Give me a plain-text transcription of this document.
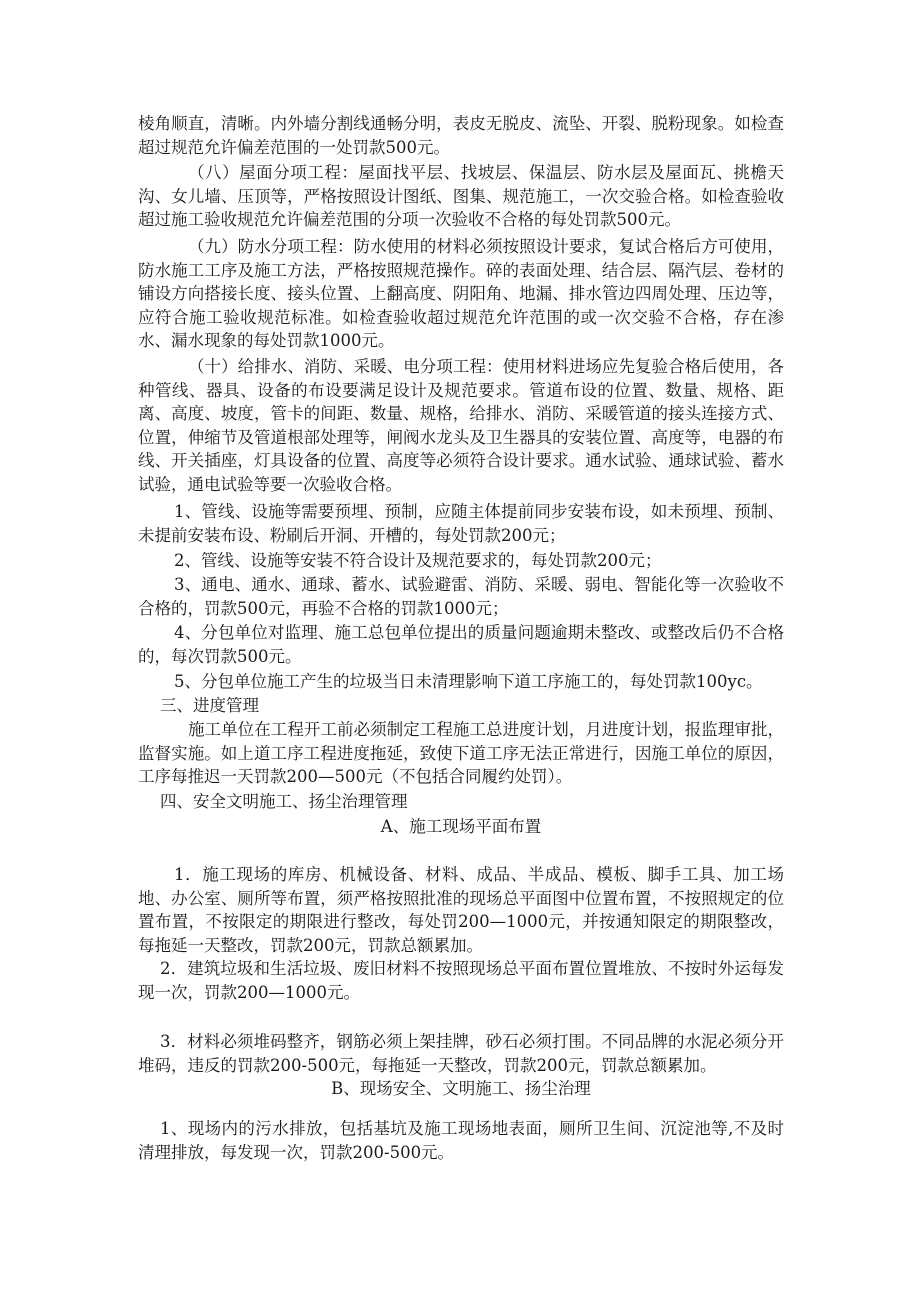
棱角顺直，清晰。内外墙分割线通畅分明，表皮无脱皮、流坠、开裂、脱粉现象。如检查超过规范允许偏差范围的一处罚款500元。

（八）屋面分项工程：屋面找平层、找坡层、保温层、防水层及屋面瓦、挑檐天沟、女儿墙、压顶等，严格按照设计图纸、图集、规范施工，一次交验合格。如检查验收超过施工验收规范允许偏差范围的分项一次验收不合格的每处罚款500元。

（九）防水分项工程：防水使用的材料必须按照设计要求，复试合格后方可使用，防水施工工序及施工方法，严格按照规范操作。碎的表面处理、结合层、隔汽层、卷材的铺设方向搭接长度、接头位置、上翻高度、阴阳角、地漏、排水管边四周处理、压边等，应符合施工验收规范标准。如检查验收超过规范允许范围的或一次交验不合格，存在渗水、漏水现象的每处罚款1000元。

（十）给排水、消防、采暖、电分项工程：使用材料进场应先复验合格后使用，各种管线、器具、设备的布设要满足设计及规范要求。管道布设的位置、数量、规格、距离、高度、坡度，管卡的间距、数量、规格，给排水、消防、采暖管道的接头连接方式、位置，伸缩节及管道根部处理等，闸阀水龙头及卫生器具的安装位置、高度等，电器的布线、开关插座，灯具设备的位置、高度等必须符合设计要求。通水试验、通球试验、蓄水试验，通电试验等要一次验收合格。

1、管线、设施等需要预埋、预制，应随主体提前同步安装布设，如未预埋、预制、未提前安装布设、粉刷后开洞、开槽的，每处罚款200元；

2、管线、设施等安装不符合设计及规范要求的，每处罚款200元；

3、通电、通水、通球、蓄水、试验避雷、消防、采暖、弱电、智能化等一次验收不合格的，罚款500元，再验不合格的罚款1000元；

4、分包单位对监理、施工总包单位提出的质量问题逾期未整改、或整改后仍不合格的，每次罚款500元。

5、分包单位施工产生的垃圾当日未清理影响下道工序施工的，每处罚款100yc。

三、进度管理

施工单位在工程开工前必须制定工程施工总进度计划，月进度计划，报监理审批，监督实施。如上道工序工程进度拖延，致使下道工序无法正常进行，因施工单位的原因，工序每推迟一天罚款200—500元（不包括合同履约处罚）。

四、安全文明施工、扬尘治理管理

A、施工现场平面布置

1．施工现场的库房、机械设备、材料、成品、半成品、模板、脚手工具、加工场地、办公室、厕所等布置，须严格按照批准的现场总平面图中位置布置，不按照规定的位置布置，不按限定的期限进行整改，每处罚200—1000元，并按通知限定的期限整改，每拖延一天整改，罚款200元，罚款总额累加。

2．建筑垃圾和生活垃圾、废旧材料不按照现场总平面布置位置堆放、不按时外运每发现一次，罚款200—1000元。

3．材料必须堆码整齐，钢筋必须上架挂牌，砂石必须打围。不同品牌的水泥必须分开堆码，违反的罚款200-500元，每拖延一天整改，罚款200元，罚款总额累加。

B、现场安全、文明施工、扬尘治理

1、现场内的污水排放，包括基坑及施工现场地表面，厕所卫生间、沉淀池等,不及时清理排放，每发现一次，罚款200-500元。
